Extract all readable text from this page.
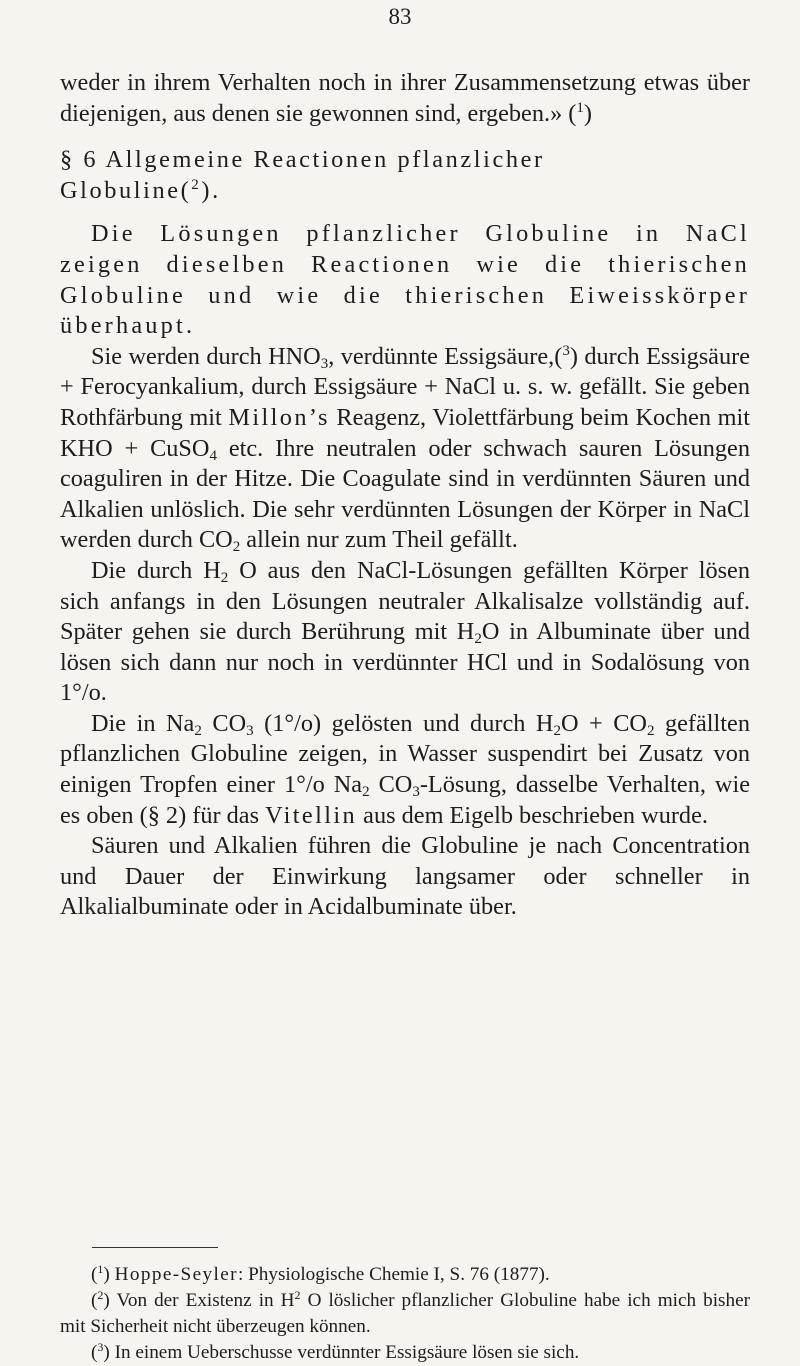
83

weder in ihrem Verhalten noch in ihrer Zusammensetzung etwas über diejenigen, aus denen sie gewonnen sind, ergeben.» ($^1$)

§ 6 Allgemeine Reactionen pflanzlicher
Globuline($^2$).

Die Lösungen pflanzlicher Globuline in NaCl zeigen dieselben Reactionen wie die thierischen Globuline und wie die thierischen Eiweisskörper überhaupt.

Sie werden durch $HNO_3$, verdünnte Essigsäure,($^3$) durch Essigsäure + Ferocyankalium, durch Essigsäure + NaCl u. s. w. gefällt. Sie geben Rothfärbung mit Millon’s Reagenz, Violettfärbung beim Kochen mit KHO + CuSO$_4$ etc. Ihre neutralen oder schwach sauren Lösungen coaguliren in der Hitze. Die Coagulate sind in verdünnten Säuren und Alkalien unlöslich. Die sehr verdünnten Lösungen der Körper in NaCl werden durch $CO_2$ allein nur zum Theil gefällt.

Die durch $H_2$ O aus den NaCl-Lösungen gefällten Körper lösen sich anfangs in den Lösungen neutraler Alkalisalze vollständig auf. Später gehen sie durch Berührung mit $H_2O$ in Albuminate über und lösen sich dann nur noch in verdünnter HCl und in Sodalösung von 1°/o.

Die in $Na_2$ $CO_3$ (1°/o) gelösten und durch $H_2O + CO_2$ gefällten pflanzlichen Globuline zeigen, in Wasser suspendirt bei Zusatz von einigen Tropfen einer 1°/o $Na_2$ $CO_3$-Lösung, dasselbe Verhalten, wie es oben (§ 2) für das Vitellin aus dem Eigelb beschrieben wurde.

Säuren und Alkalien führen die Globuline je nach Concentration und Dauer der Einwirkung langsamer oder schneller in Alkalialbuminate oder in Acidalbuminate über.

($^1$) Hoppe-Seyler: Physiologische Chemie I, S. 76 (1877).

($^2$) Von der Existenz in $H^2$ O löslicher pflanzlicher Globuline habe ich mich bisher mit Sicherheit nicht überzeugen können.

($^3$) In einem Ueberschusse verdünnter Essigsäure lösen sie sich.
